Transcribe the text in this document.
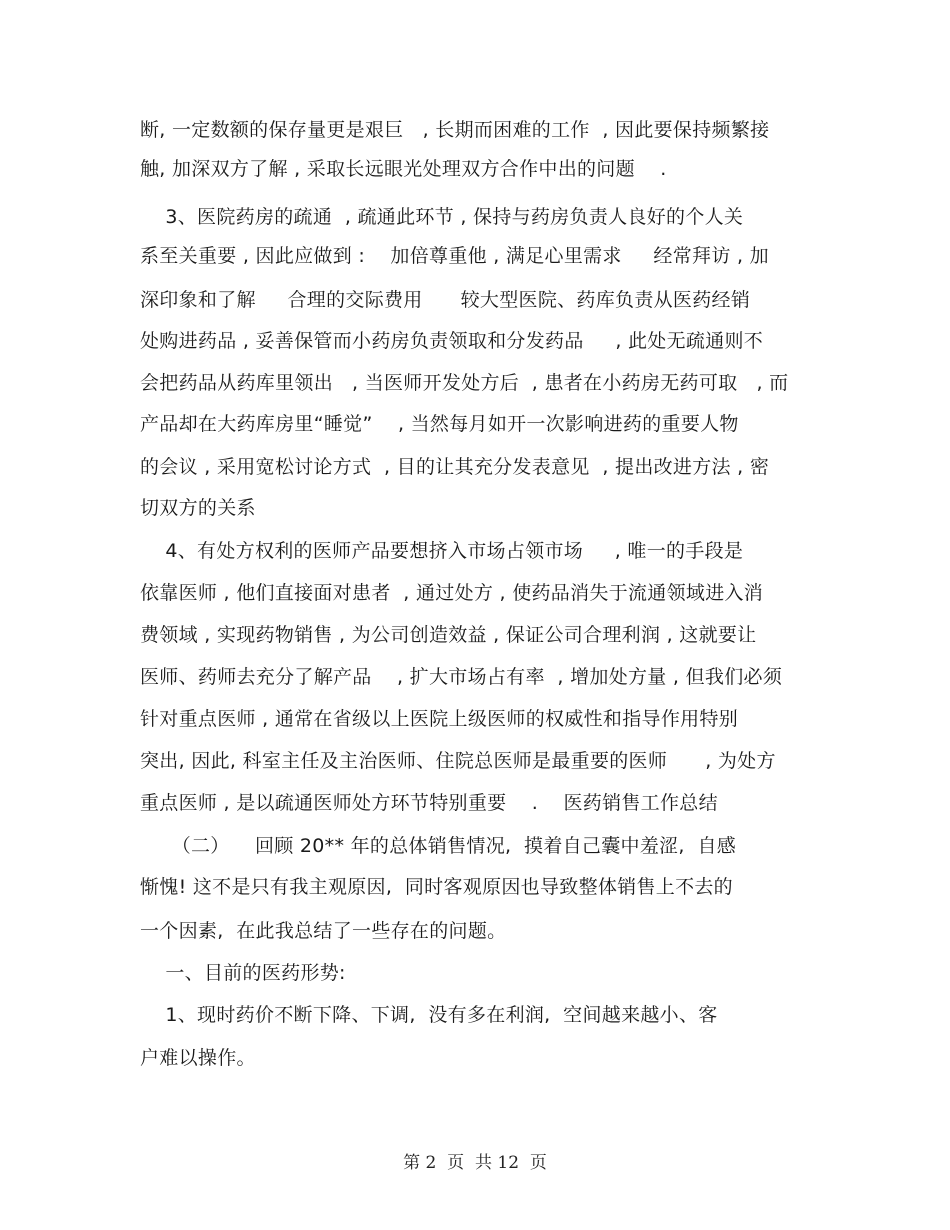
断, 一定数额的保存量更是艰巨   , 长期而困难的工作  , 因此要保持频繁接
触, 加深双方了解 , 采取长远眼光处理双方合作中出的问题    .
3、医院药房的疏通  , 疏通此环节 , 保持与药房负责人良好的个人关
系至关重要 , 因此应做到 :    加倍尊重他 , 满足心里需求     经常拜访 , 加
深印象和了解     合理的交际费用      较大型医院、药库负责从医药经销
处购进药品 , 妥善保管而小药房负责领取和分发药品     , 此处无疏通则不
会把药品从药库里领出   , 当医师开发处方后  , 患者在小药房无药可取   , 而
产品却在大药库房里“睡觉”    , 当然每月如开一次影响进药的重要人物
的会议 , 采用宽松讨论方式  , 目的让其充分发表意见  , 提出改进方法 , 密
切双方的关系
4、有处方权利的医师产品要想挤入市场占领市场     , 唯一的手段是
依靠医师 , 他们直接面对患者  , 通过处方 , 使药品消失于流通领域进入消
费领域 , 实现药物销售 , 为公司创造效益 , 保证公司合理利润 , 这就要让
医师、药师去充分了解产品    , 扩大市场占有率  , 增加处方量 , 但我们必须
针对重点医师 , 通常在省级以上医院上级医师的权威性和指导作用特别
突出, 因此, 科室主任及主治医师、住院总医师是最重要的医师      , 为处方
重点医师 , 是以疏通医师处方环节特别重要    .    医药销售工作总结
（二）    回顾 20** 年的总体销售情况,  摸着自己囊中羞涩,  自感
惭愧! 这不是只有我主观原因,  同时客观原因也导致整体销售上不去的
一个因素,  在此我总结了一些存在的问题。
一、目前的医药形势:
1、现时药价不断下降、下调,  没有多在利润,  空间越来越小、客
户难以操作。
第 2  页  共 12  页
